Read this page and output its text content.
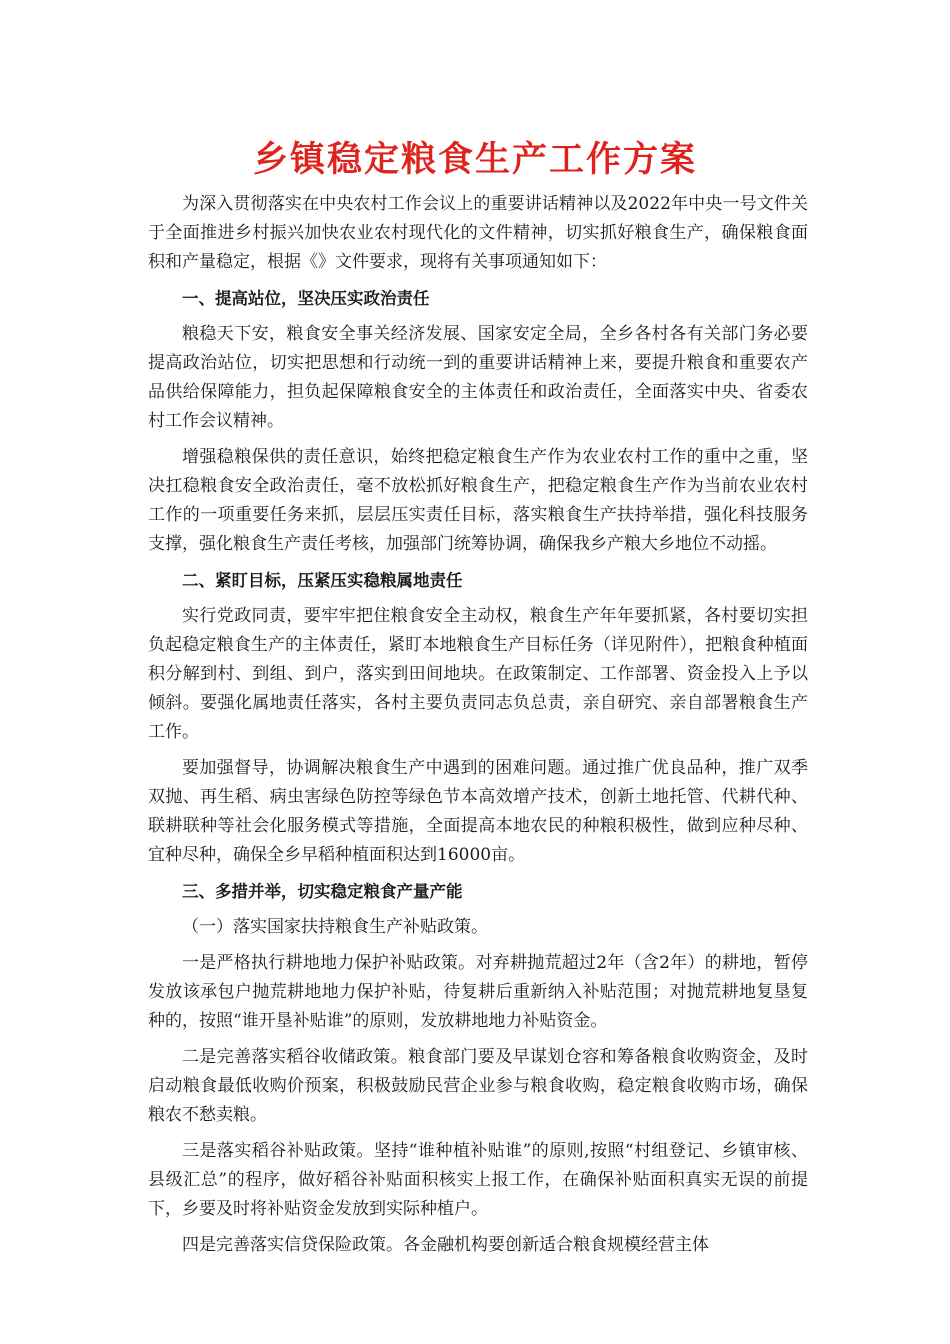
乡镇稳定粮食生产工作方案

为深入贯彻落实在中央农村工作会议上的重要讲话精神以及2022年中央一号文件关于全面推进乡村振兴加快农业农村现代化的文件精神，切实抓好粮食生产，确保粮食面积和产量稳定，根据《》文件要求，现将有关事项通知如下：

一、提高站位，坚决压实政治责任

粮稳天下安，粮食安全事关经济发展、国家安定全局，全乡各村各有关部门务必要提高政治站位，切实把思想和行动统一到的重要讲话精神上来，要提升粮食和重要农产品供给保障能力，担负起保障粮食安全的主体责任和政治责任，全面落实中央、省委农村工作会议精神。

增强稳粮保供的责任意识，始终把稳定粮食生产作为农业农村工作的重中之重，坚决扛稳粮食安全政治责任，毫不放松抓好粮食生产，把稳定粮食生产作为当前农业农村工作的一项重要任务来抓，层层压实责任目标，落实粮食生产扶持举措，强化科技服务支撑，强化粮食生产责任考核，加强部门统筹协调，确保我乡产粮大乡地位不动摇。

二、紧盯目标，压紧压实稳粮属地责任

实行党政同责，要牢牢把住粮食安全主动权，粮食生产年年要抓紧，各村要切实担负起稳定粮食生产的主体责任，紧盯本地粮食生产目标任务（详见附件），把粮食种植面积分解到村、到组、到户，落实到田间地块。在政策制定、工作部署、资金投入上予以倾斜。要强化属地责任落实，各村主要负责同志负总责，亲自研究、亲自部署粮食生产工作。

要加强督导，协调解决粮食生产中遇到的困难问题。通过推广优良品种，推广双季双抛、再生稻、病虫害绿色防控等绿色节本高效增产技术，创新土地托管、代耕代种、联耕联种等社会化服务模式等措施，全面提高本地农民的种粮积极性，做到应种尽种、宜种尽种，确保全乡早稻种植面积达到16000亩。

三、多措并举，切实稳定粮食产量产能

（一）落实国家扶持粮食生产补贴政策。

一是严格执行耕地地力保护补贴政策。对弃耕抛荒超过2年（含2年）的耕地，暂停发放该承包户抛荒耕地地力保护补贴，待复耕后重新纳入补贴范围；对抛荒耕地复垦复种的，按照“谁开垦补贴谁”的原则，发放耕地地力补贴资金。

二是完善落实稻谷收储政策。粮食部门要及早谋划仓容和筹备粮食收购资金，及时启动粮食最低收购价预案，积极鼓励民营企业参与粮食收购，稳定粮食收购市场，确保粮农不愁卖粮。

三是落实稻谷补贴政策。坚持“谁种植补贴谁”的原则,按照“村组登记、乡镇审核、县级汇总”的程序，做好稻谷补贴面积核实上报工作，在确保补贴面积真实无误的前提下，乡要及时将补贴资金发放到实际种植户。

四是完善落实信贷保险政策。各金融机构要创新适合粮食规模经营主体
